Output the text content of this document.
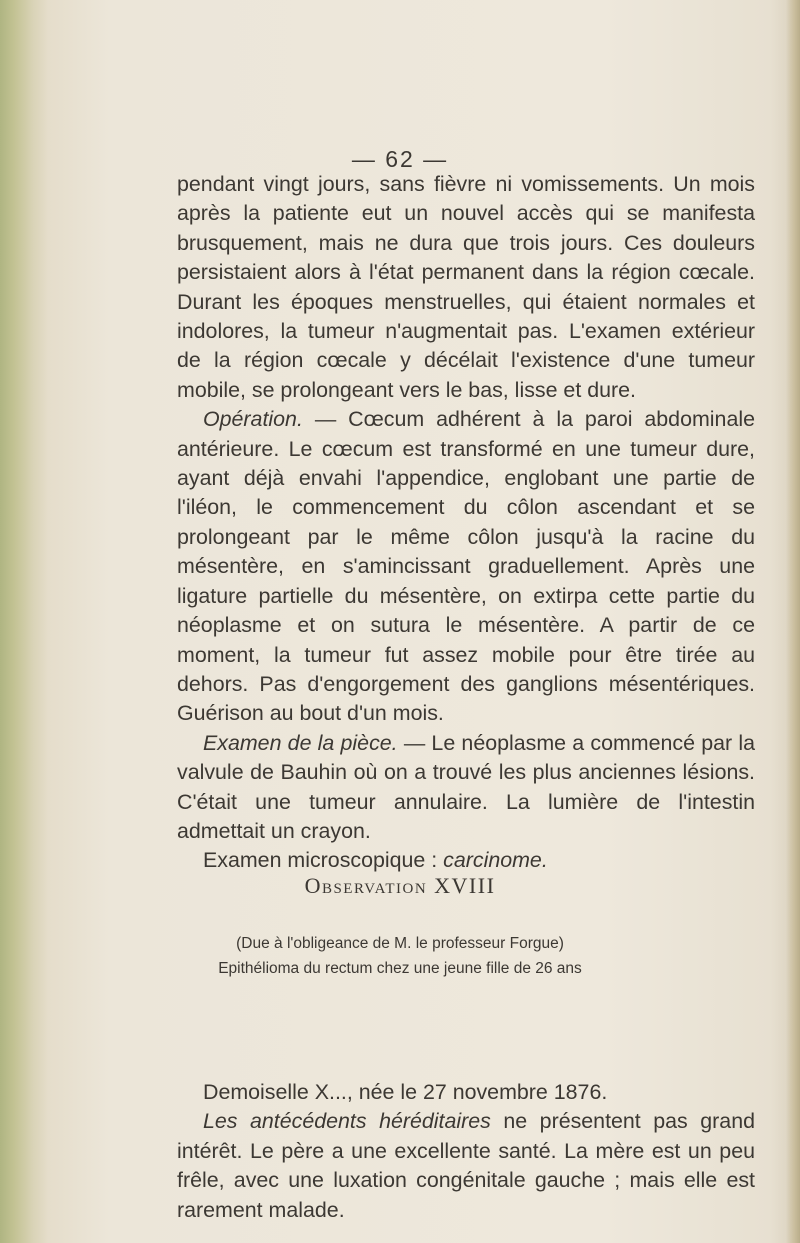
— 62 —

pendant vingt jours, sans fièvre ni vomissements. Un mois après la patiente eut un nouvel accès qui se manifesta brusquement, mais ne dura que trois jours. Ces douleurs persistaient alors à l'état permanent dans la région cœcale. Durant les époques menstruelles, qui étaient normales et indolores, la tumeur n'augmentait pas. L'examen extérieur de la région cœcale y décélait l'existence d'une tumeur mobile, se prolongeant vers le bas, lisse et dure.

Opération. — Cœcum adhérent à la paroi abdominale antérieure. Le cœcum est transformé en une tumeur dure, ayant déjà envahi l'appendice, englobant une partie de l'iléon, le commencement du côlon ascendant et se prolongeant par le même côlon jusqu'à la racine du mésentère, en s'amincissant graduellement. Après une ligature partielle du mésentère, on extirpa cette partie du néoplasme et on sutura le mésentère. A partir de ce moment, la tumeur fut assez mobile pour être tirée au dehors. Pas d'engorgement des ganglions mésentériques. Guérison au bout d'un mois.

Examen de la pièce. — Le néoplasme a commencé par la valvule de Bauhin où on a trouvé les plus anciennes lésions. C'était une tumeur annulaire. La lumière de l'intestin admettait un crayon.

Examen microscopique : carcinome.

Observation XVIII
(Due à l'obligeance de M. le professeur Forgue)
Epithélioma du rectum chez une jeune fille de 26 ans

Demoiselle X..., née le 27 novembre 1876.

Les antécédents héréditaires ne présentent pas grand intérêt. Le père a une excellente santé. La mère est un peu frêle, avec une luxation congénitale gauche ; mais elle est rarement malade.
